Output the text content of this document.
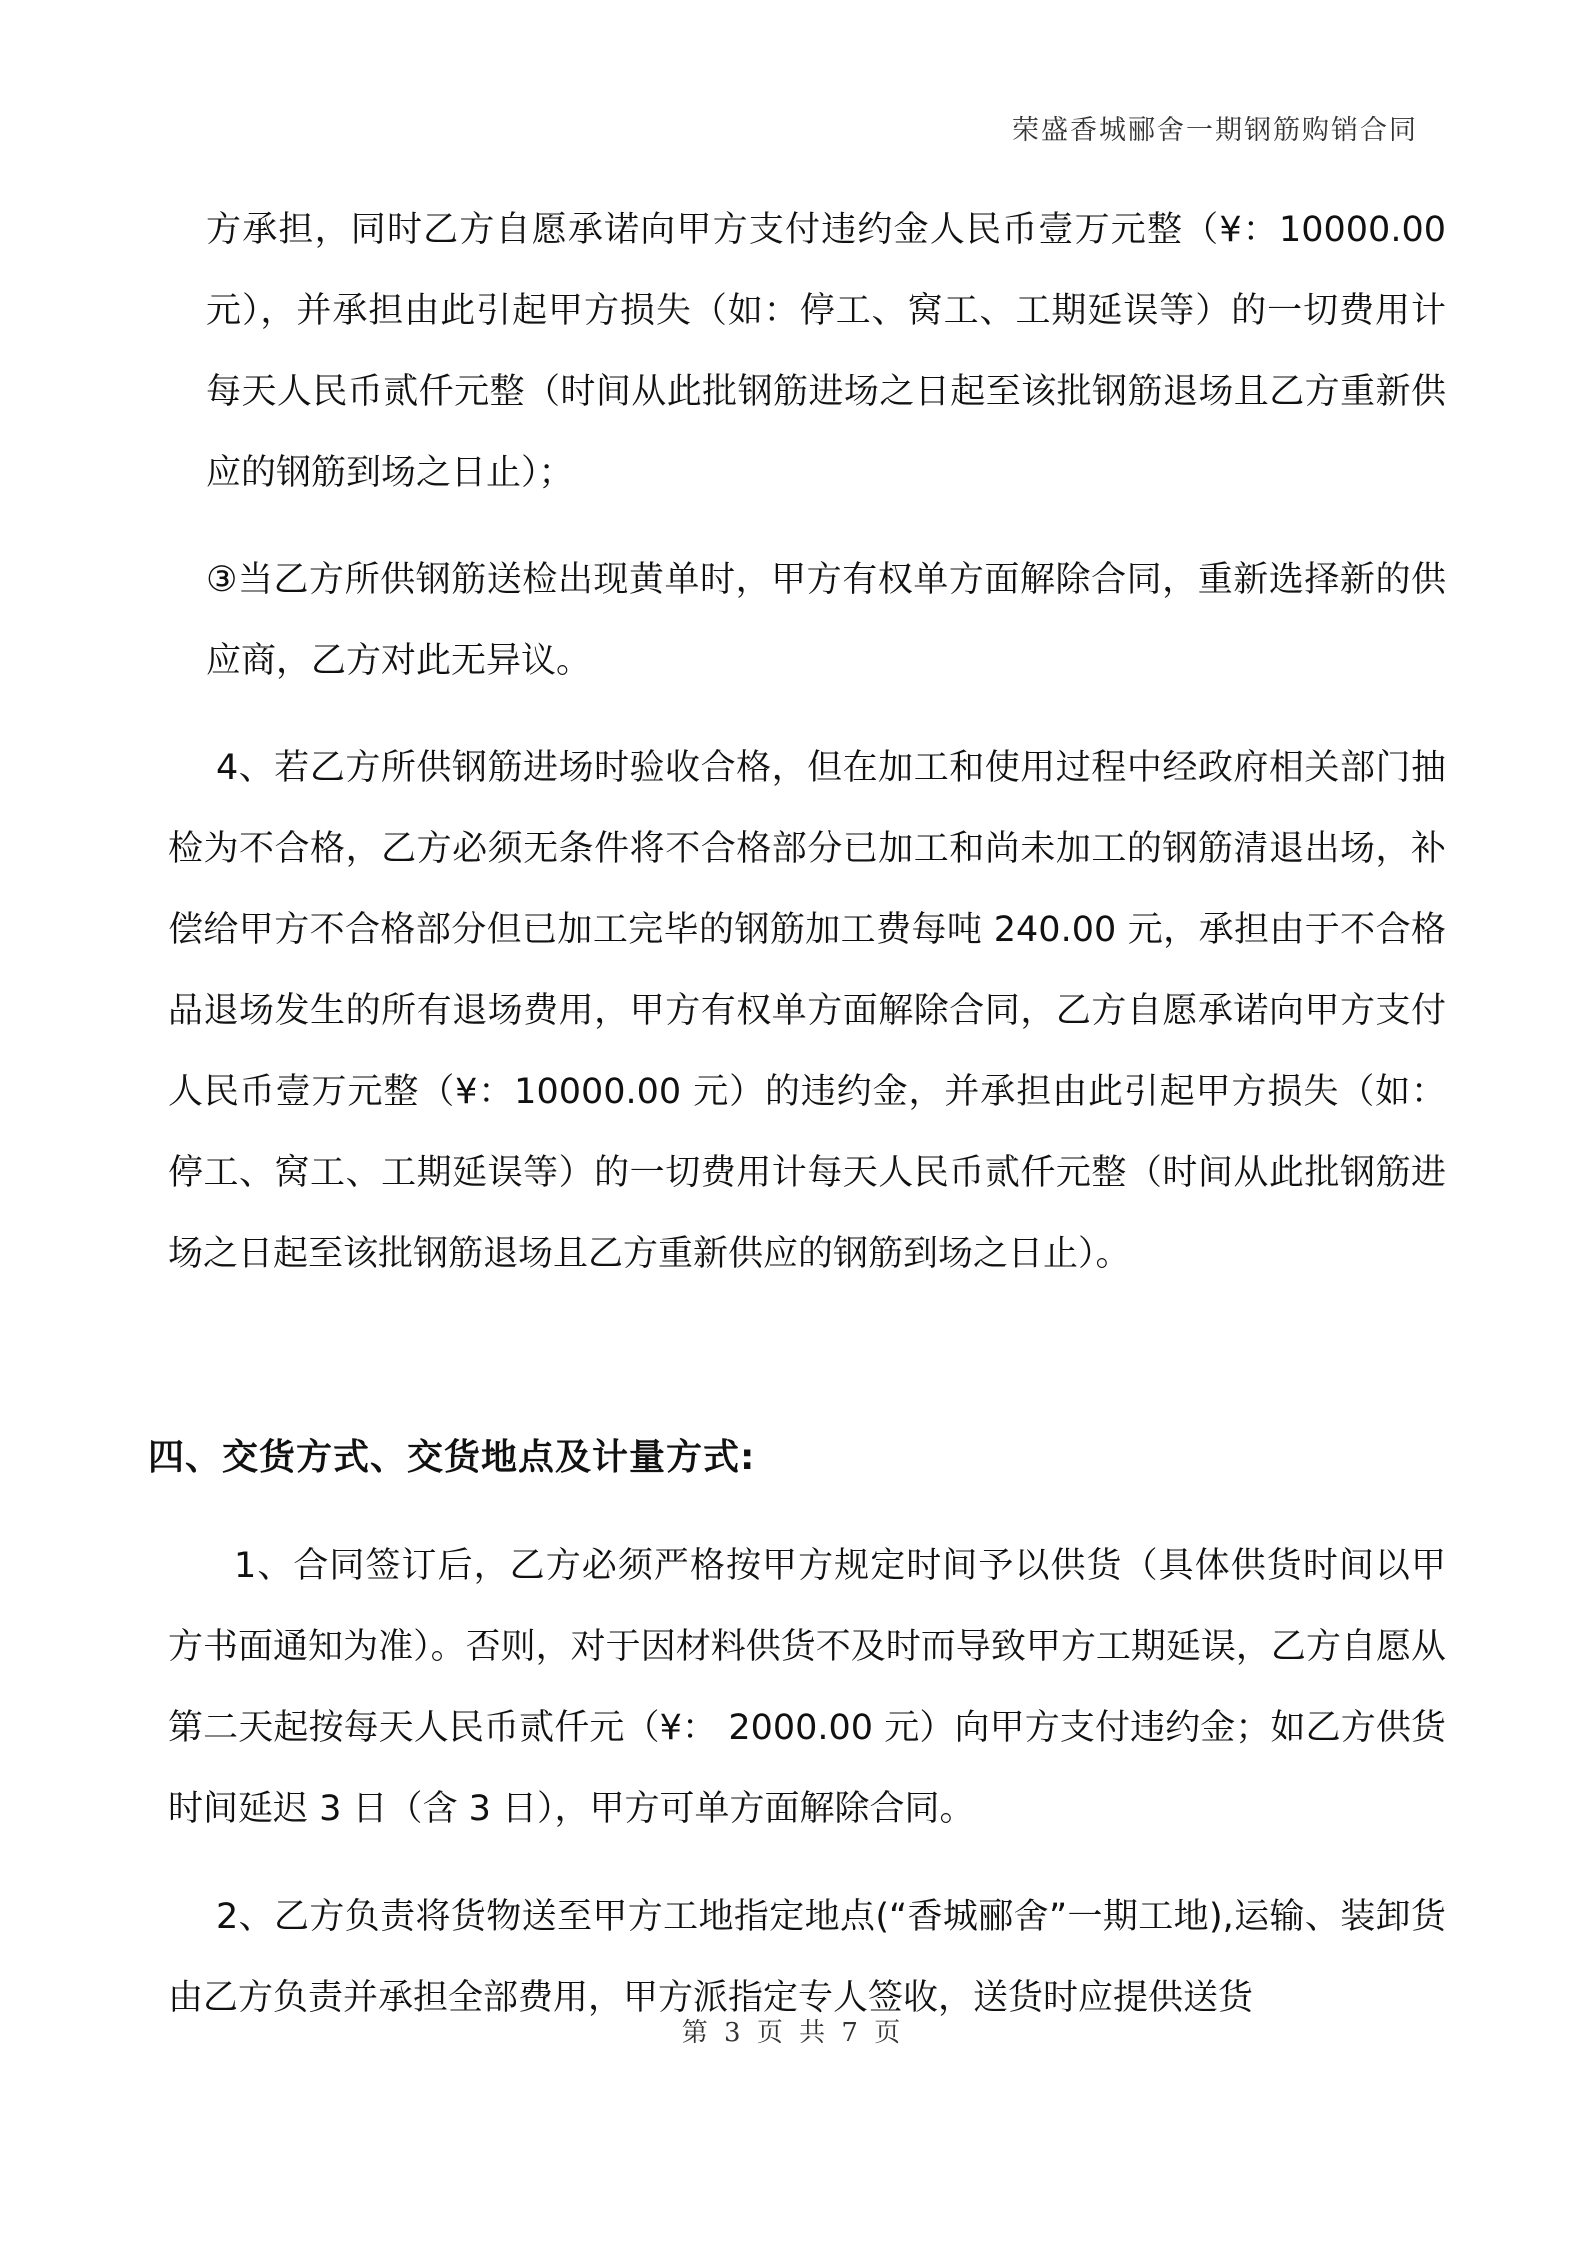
荣盛香城郦舍一期钢筋购销合同

方承担，同时乙方自愿承诺向甲方支付违约金人民币壹万元整（¥：10000.00元），并承担由此引起甲方损失（如：停工、窝工、工期延误等）的一切费用计每天人民币贰仟元整（时间从此批钢筋进场之日起至该批钢筋退场且乙方重新供应的钢筋到场之日止）；

③当乙方所供钢筋送检出现黄单时，甲方有权单方面解除合同，重新选择新的供应商，乙方对此无异议。

4、若乙方所供钢筋进场时验收合格，但在加工和使用过程中经政府相关部门抽检为不合格，乙方必须无条件将不合格部分已加工和尚未加工的钢筋清退出场，补偿给甲方不合格部分但已加工完毕的钢筋加工费每吨 240.00 元，承担由于不合格品退场发生的所有退场费用，甲方有权单方面解除合同，乙方自愿承诺向甲方支付人民币壹万元整（¥：10000.00 元）的违约金，并承担由此引起甲方损失（如：停工、窝工、工期延误等）的一切费用计每天人民币贰仟元整（时间从此批钢筋进场之日起至该批钢筋退场且乙方重新供应的钢筋到场之日止）。

四、交货方式、交货地点及计量方式:

1、合同签订后，乙方必须严格按甲方规定时间予以供货（具体供货时间以甲方书面通知为准）。否则，对于因材料供货不及时而导致甲方工期延误，乙方自愿从第二天起按每天人民币贰仟元（¥： 2000.00 元）向甲方支付违约金；如乙方供货时间延迟 3 日（含 3 日），甲方可单方面解除合同。

2、乙方负责将货物送至甲方工地指定地点(“香城郦舍”一期工地),运输、装卸货由乙方负责并承担全部费用，甲方派指定专人签收，送货时应提供送货

第 3 页 共 7 页
